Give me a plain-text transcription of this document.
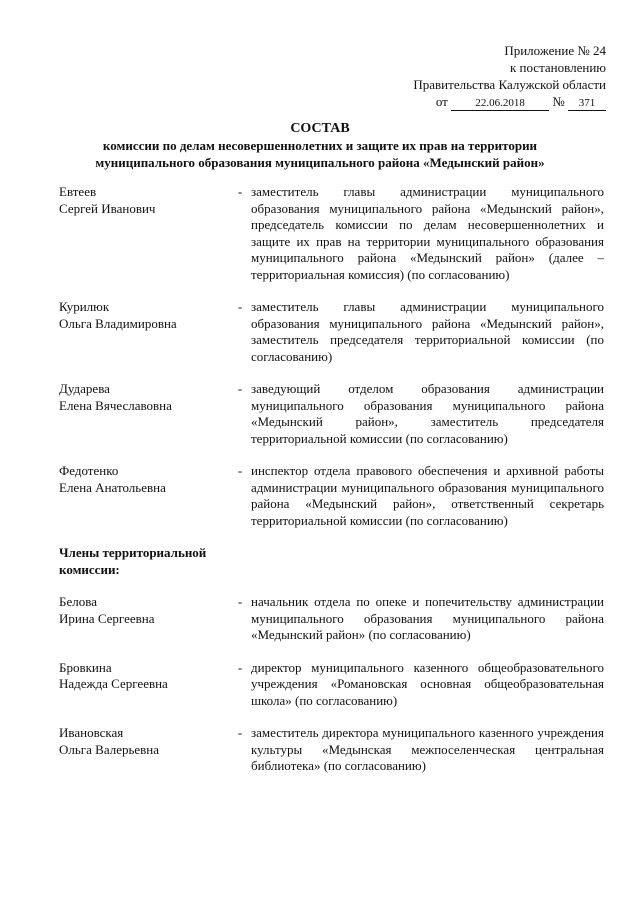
Приложение № 24
к постановлению
Правительства Калужской области
от	22.06.2018 № 371
СОСТАВ
комиссии по делам несовершеннолетних и защите их прав на территории
муниципального образования муниципального района «Медынский район»
Евтеев
Сергей Иванович
- заместитель главы администрации муниципального образования муниципального района «Медынский район», председатель комиссии по делам несовершеннолетних и защите их прав на территории муниципального образования муниципального района «Медынский район» (далее – территориальная комиссия) (по согласованию)
Курилюк
Ольга Владимировна
- заместитель главы администрации муниципального образования муниципального района «Медынский район», заместитель председателя территориальной комиссии (по согласованию)
Дударева
Елена Вячеславовна
- заведующий отделом образования администрации муниципального образования муниципального района «Медынский район», заместитель председателя территориальной комиссии (по согласованию)
Федотенко
Елена Анатольевна
- инспектор отдела правового обеспечения и архивной работы администрации муниципального образования муниципального района «Медынский район», ответственный секретарь территориальной комиссии (по согласованию)
Члены территориальной комиссии:
Белова
Ирина Сергеевна
- начальник отдела по опеке и попечительству администрации муниципального образования муниципального района «Медынский район» (по согласованию)
Бровкина
Надежда Сергеевна
- директор муниципального казенного общеобразовательного учреждения «Романовская основная общеобразовательная школа» (по согласованию)
Ивановская
Ольга Валерьевна
- заместитель директора муниципального казенного учреждения культуры «Медынская межпоселенческая центральная библиотека» (по согласованию)
